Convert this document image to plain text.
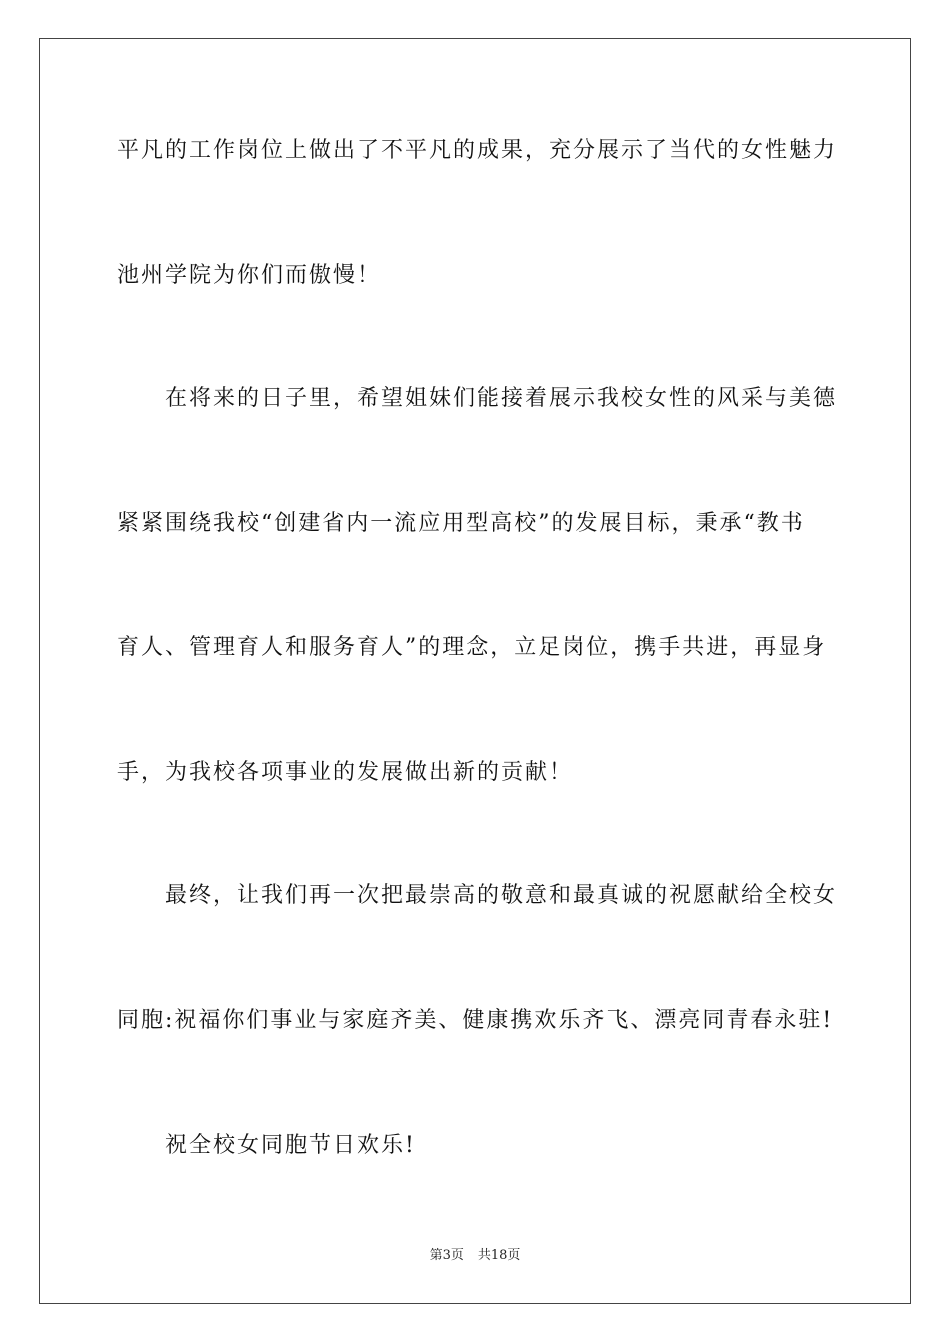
平凡的工作岗位上做出了不平凡的成果，充分展示了当代的女性魅力
池州学院为你们而傲慢！
在将来的日子里，希望姐妹们能接着展示我校女性的风采与美德
紧紧围绕我校“创建省内一流应用型高校”的发展目标，秉承“教书
育人、管理育人和服务育人”的理念，立足岗位，携手共进，再显身
手，为我校各项事业的发展做出新的贡献！
最终，让我们再一次把最崇高的敬意和最真诚的祝愿献给全校女
同胞:祝福你们事业与家庭齐美、健康携欢乐齐飞、漂亮同青春永驻!
祝全校女同胞节日欢乐!
第3页 共18页
